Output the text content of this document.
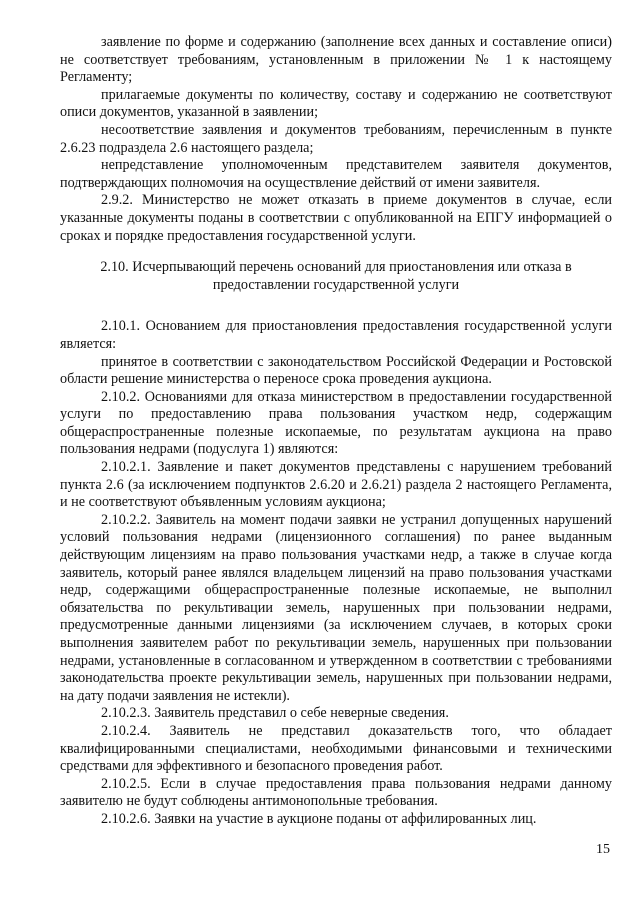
заявление по форме и содержанию (заполнение всех данных и составление описи) не соответствует требованиям, установленным в приложении № 1 к настоящему Регламенту;

прилагаемые документы по количеству, составу и содержанию не соответствуют описи документов, указанной в заявлении;

несоответствие заявления и документов требованиям, перечисленным в пункте 2.6.23 подраздела 2.6 настоящего раздела;

непредставление уполномоченным представителем заявителя документов, подтверждающих полномочия на осуществление действий от имени заявителя.

2.9.2. Министерство не может отказать в приеме документов в случае, если указанные документы поданы в соответствии с опубликованной на ЕПГУ информацией о сроках и порядке предоставления государственной услуги.

2.10. Исчерпывающий перечень оснований для приостановления или отказа в предоставлении государственной услуги

2.10.1. Основанием для приостановления предоставления государственной услуги является:

принятое в соответствии с законодательством Российской Федерации и Ростовской области решение министерства о переносе срока проведения аукциона.

2.10.2. Основаниями для отказа министерством в предоставлении государственной услуги по предоставлению права пользования участком недр, содержащим общераспространенные полезные ископаемые, по результатам аукциона на право пользования недрами (подуслуга 1) являются:

2.10.2.1. Заявление и пакет документов представлены с нарушением требований пункта 2.6 (за исключением подпунктов 2.6.20 и 2.6.21) раздела 2 настоящего Регламента, и не соответствуют объявленным условиям аукциона;

2.10.2.2. Заявитель на момент подачи заявки не устранил допущенных нарушений условий пользования недрами (лицензионного соглашения) по ранее выданным действующим лицензиям на право пользования участками недр, а также в случае когда заявитель, который ранее являлся владельцем лицензий на право пользования участками недр, содержащими общераспространенные полезные ископаемые, не выполнил обязательства по рекультивации земель, нарушенных при пользовании недрами, предусмотренные данными лицензиями (за исключением случаев, в которых сроки выполнения заявителем работ по рекультивации земель, нарушенных при пользовании недрами, установленные в согласованном и утвержденном в соответствии с требованиями законодательства проекте рекультивации земель, нарушенных при пользовании недрами, на дату подачи заявления не истекли).

2.10.2.3. Заявитель представил о себе неверные сведения.

2.10.2.4. Заявитель не представил доказательств того, что обладает квалифицированными специалистами, необходимыми финансовыми и техническими средствами для эффективного и безопасного проведения работ.

2.10.2.5. Если в случае предоставления права пользования недрами данному заявителю не будут соблюдены антимонопольные требования.

2.10.2.6. Заявки на участие в аукционе поданы от аффилированных лиц.

15
